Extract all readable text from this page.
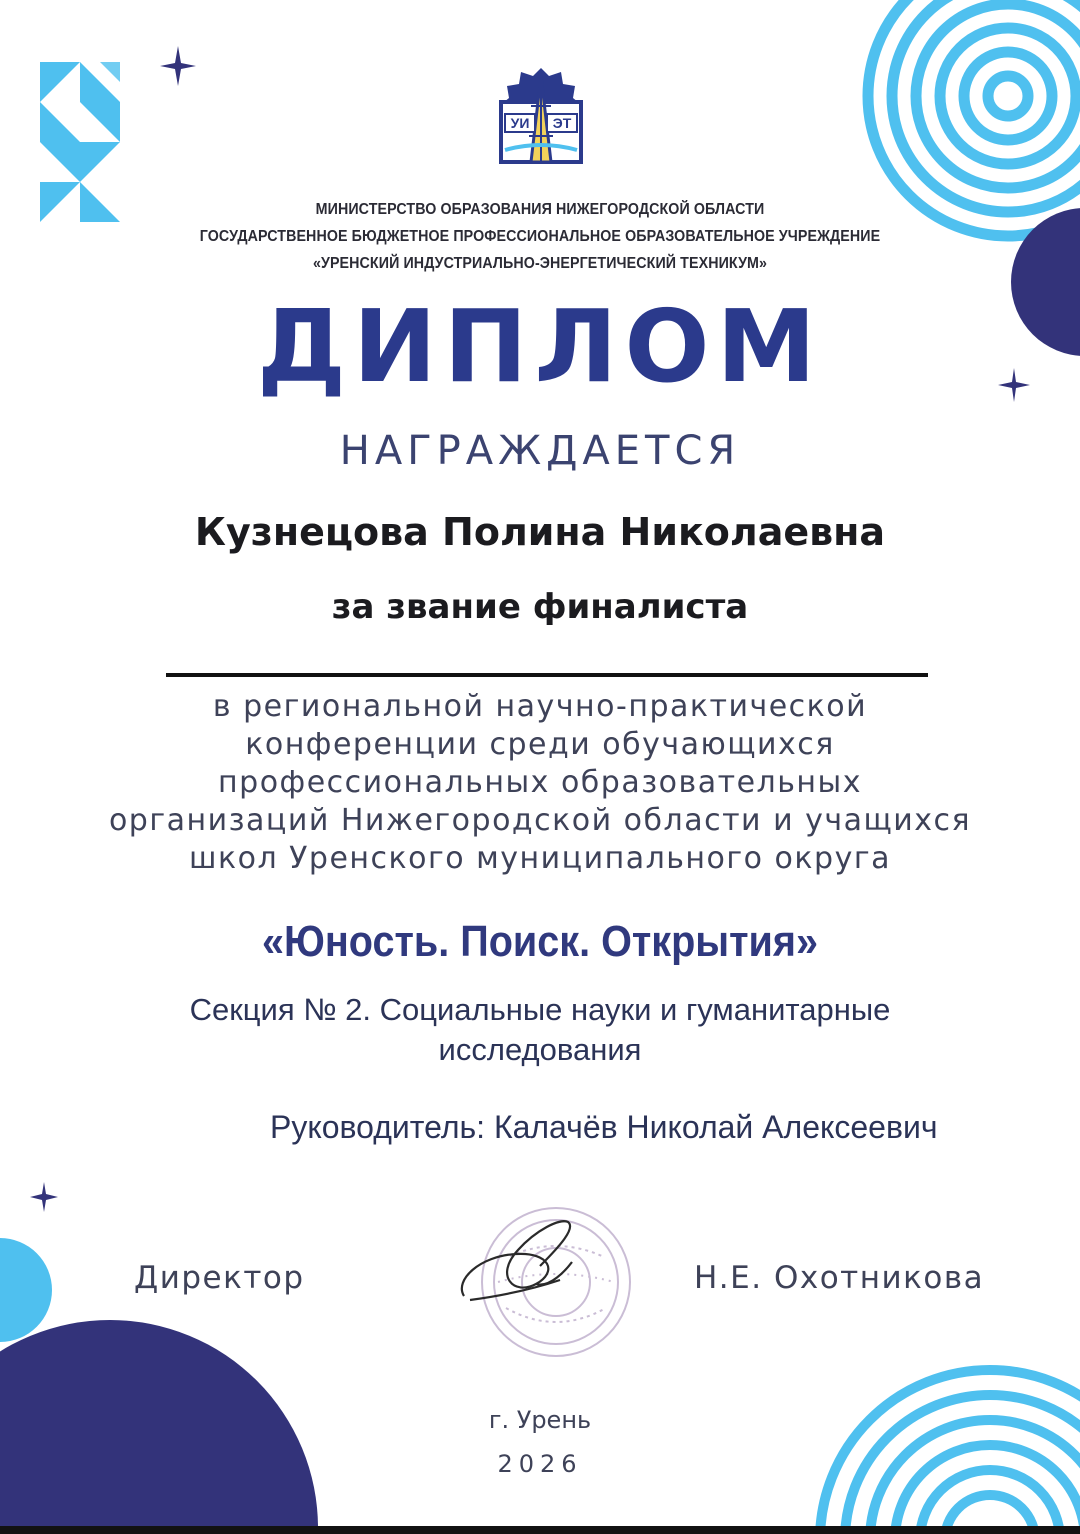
УИ ЭТ
МИНИСТЕРСТВО ОБРАЗОВАНИЯ НИЖЕГОРОДСКОЙ ОБЛАСТИ
ГОСУДАРСТВЕННОЕ БЮДЖЕТНОЕ ПРОФЕССИОНАЛЬНОЕ ОБРАЗОВАТЕЛЬНОЕ УЧРЕЖДЕНИЕ
«УРЕНСКИЙ ИНДУСТРИАЛЬНО-ЭНЕРГЕТИЧЕСКИЙ ТЕХНИКУМ»
ДИПЛОМ
НАГРАЖДАЕТСЯ
Кузнецова Полина Николаевна
за звание финалиста
в региональной научно-практической
конференции среди обучающихся
профессиональных образовательных
организаций Нижегородской области и учащихся
школ Уренского муниципального округа
«Юность. Поиск. Открытия»
Секция № 2. Социальные науки и гуманитарные
исследования
Руководитель: Калачёв Николай Алексеевич
Директор	Н.Е. Охотникова
г. Урень
2026
